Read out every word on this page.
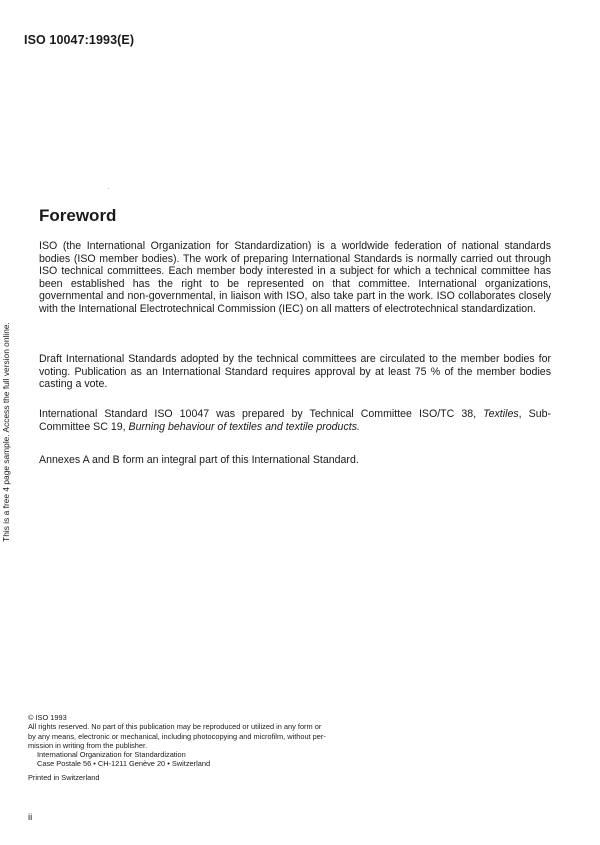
ISO 10047:1993(E)
Foreword

ISO (the International Organization for Standardization) is a worldwide federation of national standards bodies (ISO member bodies). The work of preparing International Standards is normally carried out through ISO technical committees. Each member body interested in a subject for which a technical committee has been established has the right to be represented on that committee. International organizations, governmental and non-governmental, in liaison with ISO, also take part in the work. ISO collaborates closely with the International Electrotechnical Commission (IEC) on all matters of electrotechnical standardization.

Draft International Standards adopted by the technical committees are circulated to the member bodies for voting. Publication as an International Standard requires approval by at least 75 % of the member bodies casting a vote.

International Standard ISO 10047 was prepared by Technical Committee ISO/TC 38, Textiles, Sub-Committee SC 19, Burning behaviour of textiles and textile products.

Annexes A and B form an integral part of this International Standard.

This is a free 4 page sample. Access the full version online.
© ISO 1993
All rights reserved. No part of this publication may be reproduced or utilized in any form or
by any means, electronic or mechanical, including photocopying and microfilm, without per-
mission in writing from the publisher.
International Organization for Standardization
Case Postale 56 • CH-1211 Genève 20 • Switzerland
Printed in Switzerland
ii
